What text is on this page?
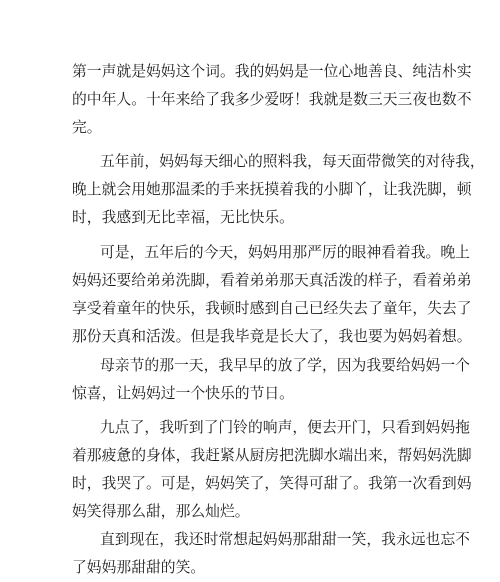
第一声就是妈妈这个词。我的妈妈是一位心地善良、纯洁朴实
的中年人。十年来给了我多少爱呀！我就是数三天三夜也数不
完。
五年前，妈妈每天细心的照料我，每天面带微笑的对待我，
晚上就会用她那温柔的手来抚摸着我的小脚丫，让我洗脚，顿
时，我感到无比幸福，无比快乐。
可是，五年后的今天，妈妈用那严厉的眼神看着我。晚上
妈妈还要给弟弟洗脚，看着弟弟那天真活泼的样子，看着弟弟
享受着童年的快乐，我顿时感到自己已经失去了童年，失去了
那份天真和活泼。但是我毕竟是长大了，我也要为妈妈着想。
母亲节的那一天，我早早的放了学，因为我要给妈妈一个
惊喜，让妈妈过一个快乐的节日。
九点了，我听到了门铃的响声，便去开门，只看到妈妈拖
着那疲惫的身体，我赶紧从厨房把洗脚水端出来，帮妈妈洗脚
时，我哭了。可是，妈妈笑了，笑得可甜了。我第一次看到妈
妈笑得那么甜，那么灿烂。
直到现在，我还时常想起妈妈那甜甜一笑，我永远也忘不
了妈妈那甜甜的笑。
